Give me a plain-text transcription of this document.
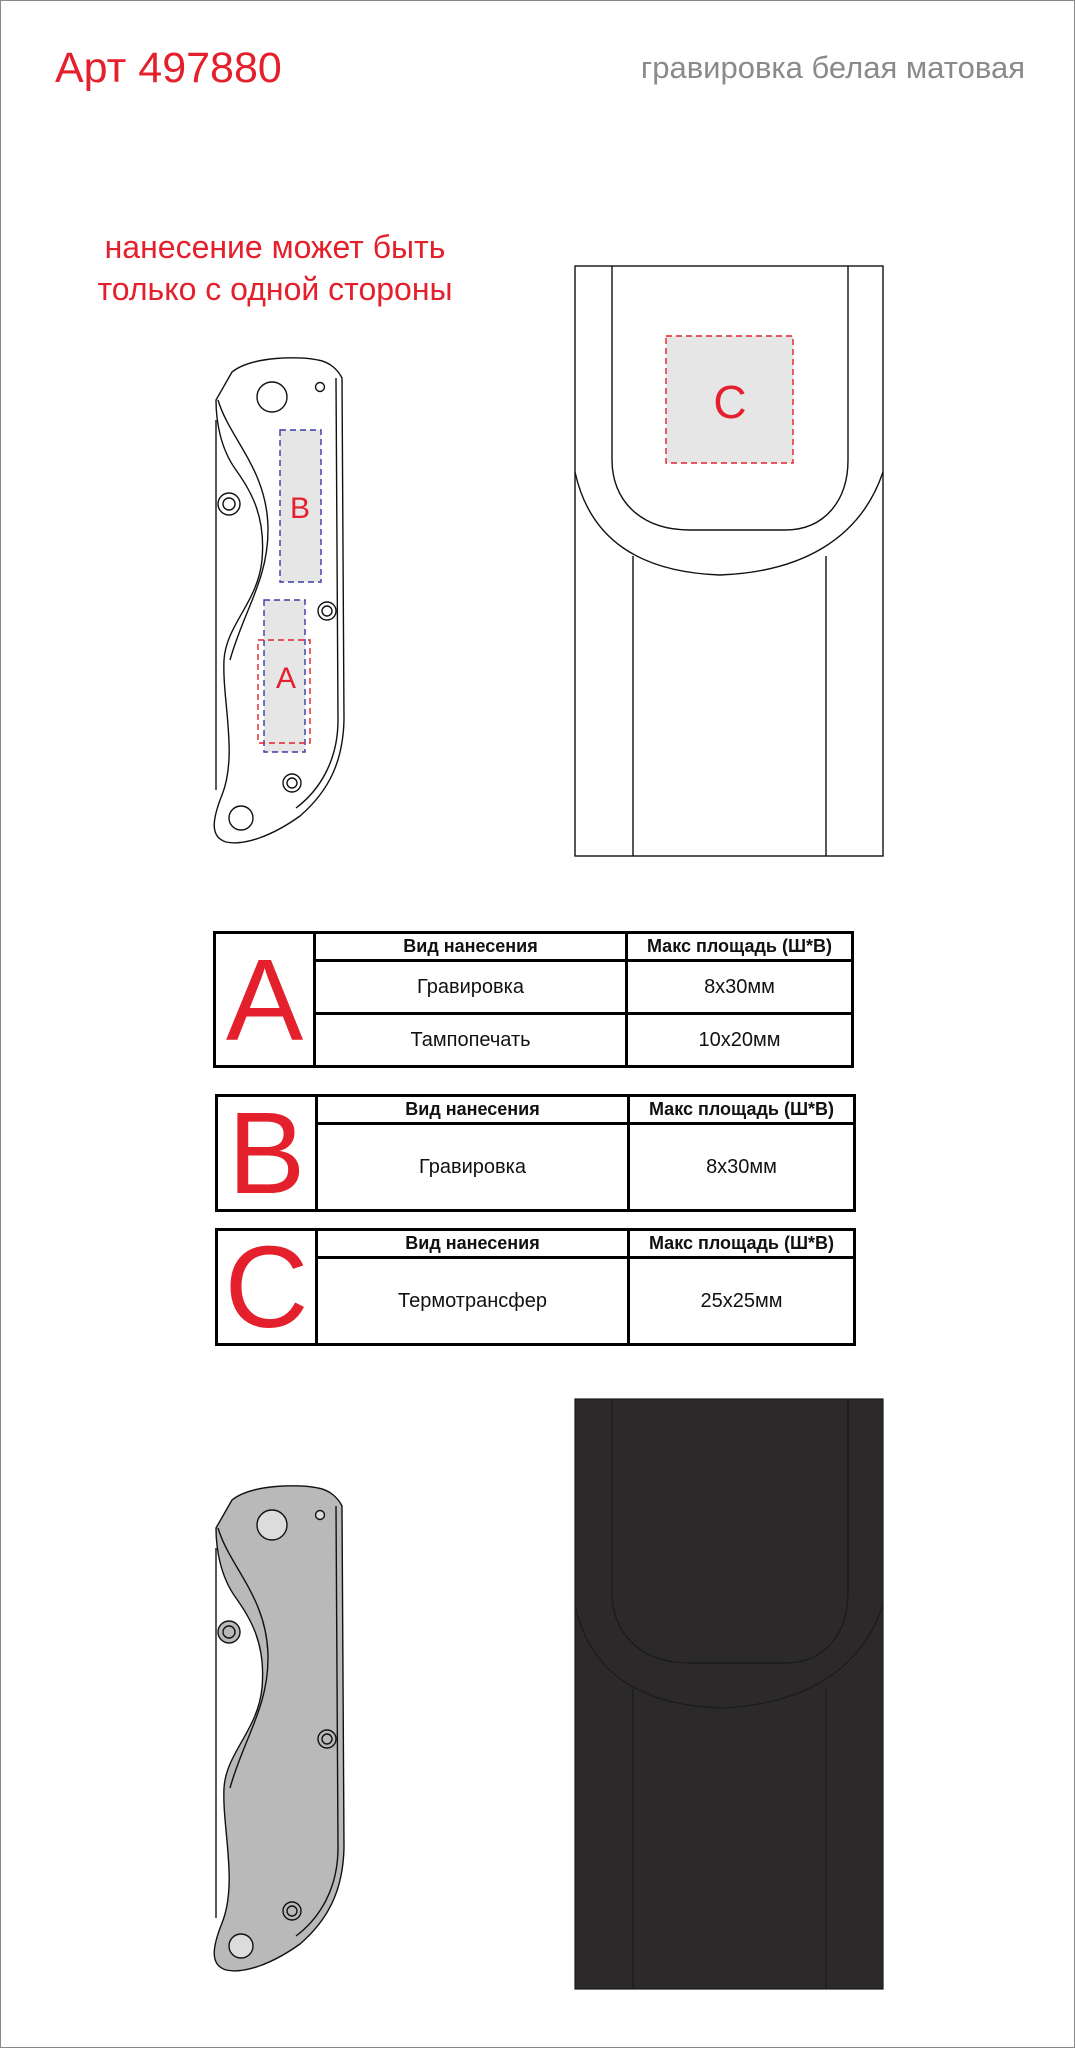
Арт 497880	гравировка белая матовая
нанесение может быть
только с одной стороны
B
A
C
A	Вид нанесения	Макс площадь (Ш*В)
Гравировка	8x30мм
Тампопечать	10x20мм
B	Вид нанесения	Макс площадь (Ш*В)
Гравировка	8x30мм
C	Вид нанесения	Макс площадь (Ш*В)
Термотрансфер	25x25мм
